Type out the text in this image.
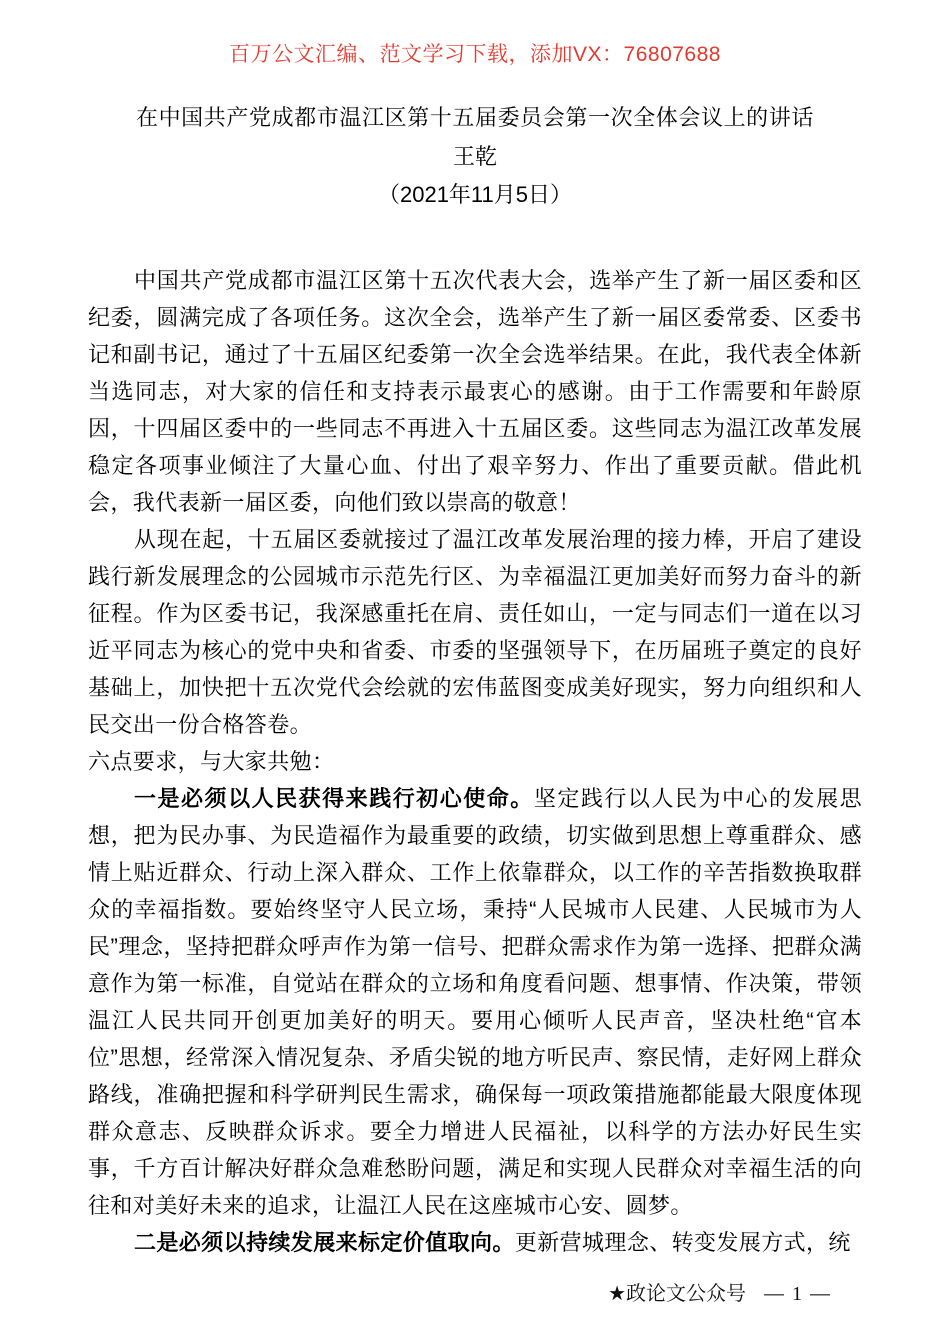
百万公文汇编、范文学习下载，添加VX：76807688
在中国共产党成都市温江区第十五届委员会第一次全体会议上的讲话
王乾
（2021年11月5日）

中国共产党成都市温江区第十五次代表大会，选举产生了新一届区委和区纪委，圆满完成了各项任务。这次全会，选举产生了新一届区委常委、区委书记和副书记，通过了十五届区纪委第一次全会选举结果。在此，我代表全体新当选同志，对大家的信任和支持表示最衷心的感谢。由于工作需要和年龄原因，十四届区委中的一些同志不再进入十五届区委。这些同志为温江改革发展稳定各项事业倾注了大量心血、付出了艰辛努力、作出了重要贡献。借此机会，我代表新一届区委，向他们致以崇高的敬意！

从现在起，十五届区委就接过了温江改革发展治理的接力棒，开启了建设践行新发展理念的公园城市示范先行区、为幸福温江更加美好而努力奋斗的新征程。作为区委书记，我深感重托在肩、责任如山，一定与同志们一道在以习近平同志为核心的党中央和省委、市委的坚强领导下，在历届班子奠定的良好基础上，加快把十五次党代会绘就的宏伟蓝图变成美好现实，努力向组织和人民交出一份合格答卷。

六点要求，与大家共勉：

一是必须以人民获得来践行初心使命。坚定践行以人民为中心的发展思想，把为民办事、为民造福作为最重要的政绩，切实做到思想上尊重群众、感情上贴近群众、行动上深入群众、工作上依靠群众，以工作的辛苦指数换取群众的幸福指数。要始终坚守人民立场，秉持“人民城市人民建、人民城市为人民”理念，坚持把群众呼声作为第一信号、把群众需求作为第一选择、把群众满意作为第一标准，自觉站在群众的立场和角度看问题、想事情、作决策，带领温江人民共同开创更加美好的明天。要用心倾听人民声音，坚决杜绝“官本位”思想，经常深入情况复杂、矛盾尖锐的地方听民声、察民情，走好网上群众路线，准确把握和科学研判民生需求，确保每一项政策措施都能最大限度体现群众意志、反映群众诉求。要全力增进人民福祉，以科学的方法办好民生实事，千方百计解决好群众急难愁盼问题，满足和实现人民群众对幸福生活的向往和对美好未来的追求，让温江人民在这座城市心安、圆梦。

二是必须以持续发展来标定价值取向。更新营城理念、转变发展方式，统

★政论文公众号 — 1 —
